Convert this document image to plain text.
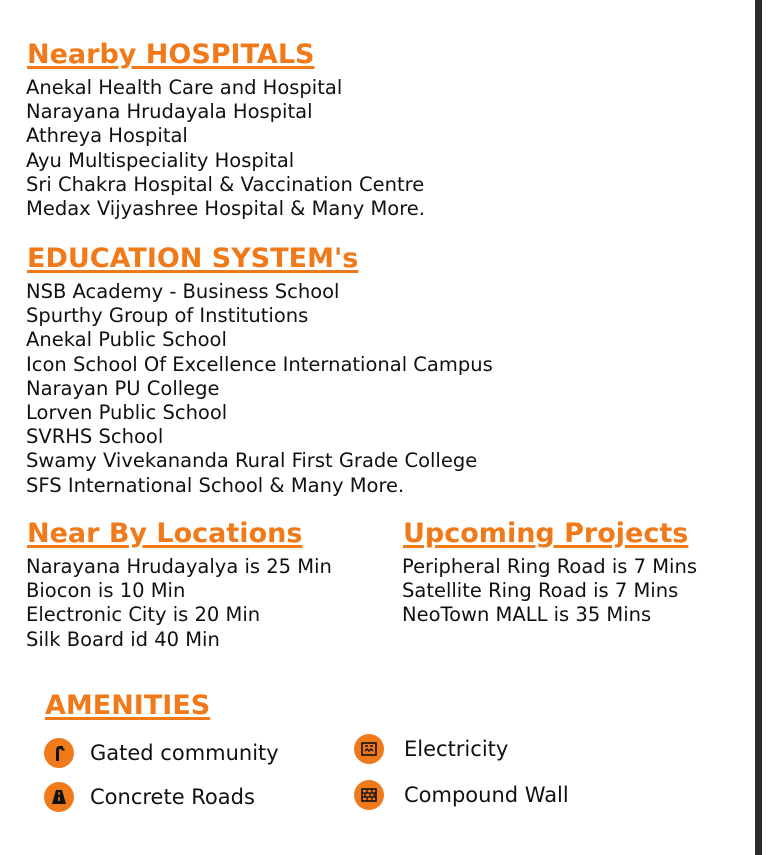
Nearby HOSPITALS
Anekal Health Care and Hospital
Narayana Hrudayala Hospital
Athreya Hospital
Ayu Multispeciality Hospital
Sri Chakra Hospital & Vaccination Centre
Medax Vijyashree Hospital & Many More.
EDUCATION SYSTEM's
NSB Academy - Business School
Spurthy Group of Institutions
Anekal Public School
Icon School Of Excellence International Campus
Narayan PU College
Lorven Public School
SVRHS School
Swamy Vivekananda Rural First Grade College
SFS International School & Many More.
Near By Locations
Narayana Hrudayalya is 25 Min
Biocon is 10 Min
Electronic City is 20 Min
Silk Board id 40 Min
Upcoming Projects
Peripheral Ring Road is 7 Mins
Satellite Ring Road is 7 Mins
NeoTown MALL is 35 Mins
AMENITIES
Gated community
Concrete Roads
Electricity
Compound Wall
